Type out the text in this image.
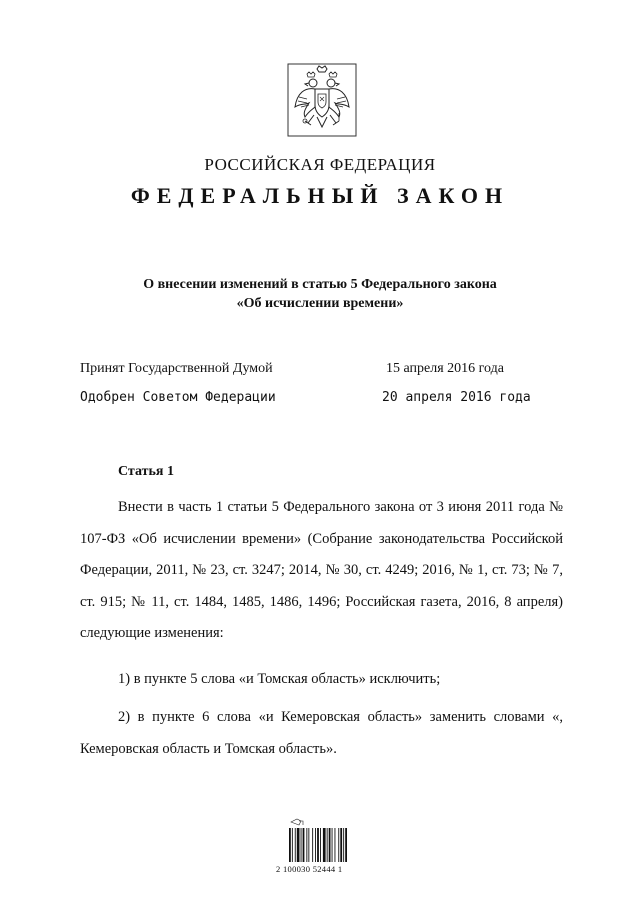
РОССИЙСКАЯ ФЕДЕРАЦИЯ
ФЕДЕРАЛЬНЫЙ ЗАКОН
О внесении изменений в статью 5 Федерального закона
«Об исчислении времени»
Принят Государственной Думой	15 апреля 2016 года
Одобрен Советом Федерации	20 апреля 2016 года
Статья 1
Внести в часть 1 статьи 5 Федерального закона от 3 июня 2011 года № 107-ФЗ «Об исчислении времени» (Собрание законодательства Российской Федерации, 2011, № 23, ст. 3247; 2014, № 30, ст. 4249; 2016, № 1, ст. 73; № 7, ст. 915; № 11, ст. 1484, 1485, 1486, 1496; Российская газета, 2016, 8 апреля) следующие изменения:
1) в пункте 5 слова «и Томская область» исключить;
2) в пункте 6 слова «и Кемеровская область» заменить словами «, Кемеровская область и Томская область».
2 100030 52444 1
